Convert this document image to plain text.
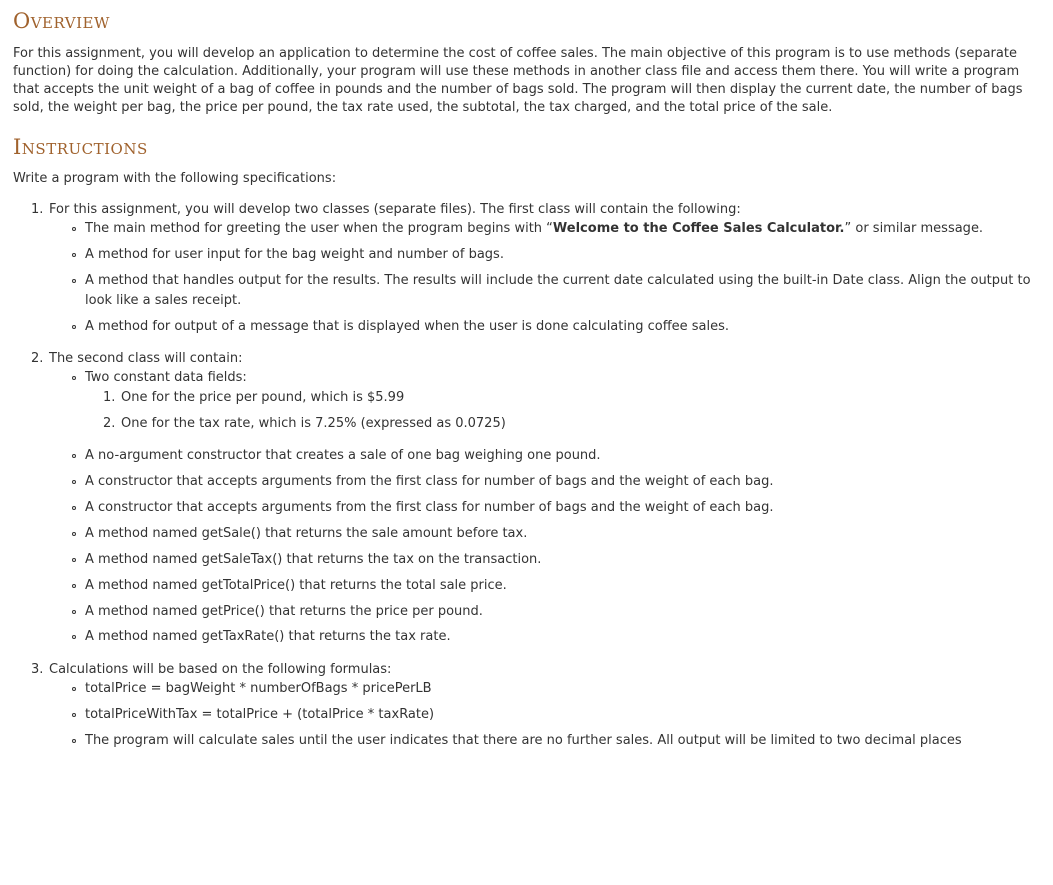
Overview

For this assignment, you will develop an application to determine the cost of coffee sales. The main objective of this program is to use methods (separate function) for doing the calculation. Additionally, your program will use these methods in another class file and access them there. You will write a program that accepts the unit weight of a bag of coffee in pounds and the number of bags sold. The program will then display the current date, the number of bags sold, the weight per bag, the price per pound, the tax rate used, the subtotal, the tax charged, and the total price of the sale.

Instructions

Write a program with the following specifications:

1. For this assignment, you will develop two classes (separate files). The first class will contain the following:
The main method for greeting the user when the program begins with “Welcome to the Coffee Sales Calculator.” or similar message.
A method for user input for the bag weight and number of bags.
A method that handles output for the results. The results will include the current date calculated using the built-in Date class. Align the output to
look like a sales receipt.
A method for output of a message that is displayed when the user is done calculating coffee sales.
2. The second class will contain:
Two constant data fields:
1. One for the price per pound, which is $5.99
2. One for the tax rate, which is 7.25% (expressed as 0.0725)
A no-argument constructor that creates a sale of one bag weighing one pound.
A constructor that accepts arguments from the first class for number of bags and the weight of each bag.
A constructor that accepts arguments from the first class for number of bags and the weight of each bag.
A method named getSale() that returns the sale amount before tax.
A method named getSaleTax() that returns the tax on the transaction.
A method named getTotalPrice() that returns the total sale price.
A method named getPrice() that returns the price per pound.
A method named getTaxRate() that returns the tax rate.
3. Calculations will be based on the following formulas:
totalPrice = bagWeight * numberOfBags * pricePerLB
totalPriceWithTax = totalPrice + (totalPrice * taxRate)
The program will calculate sales until the user indicates that there are no further sales. All output will be limited to two decimal places
